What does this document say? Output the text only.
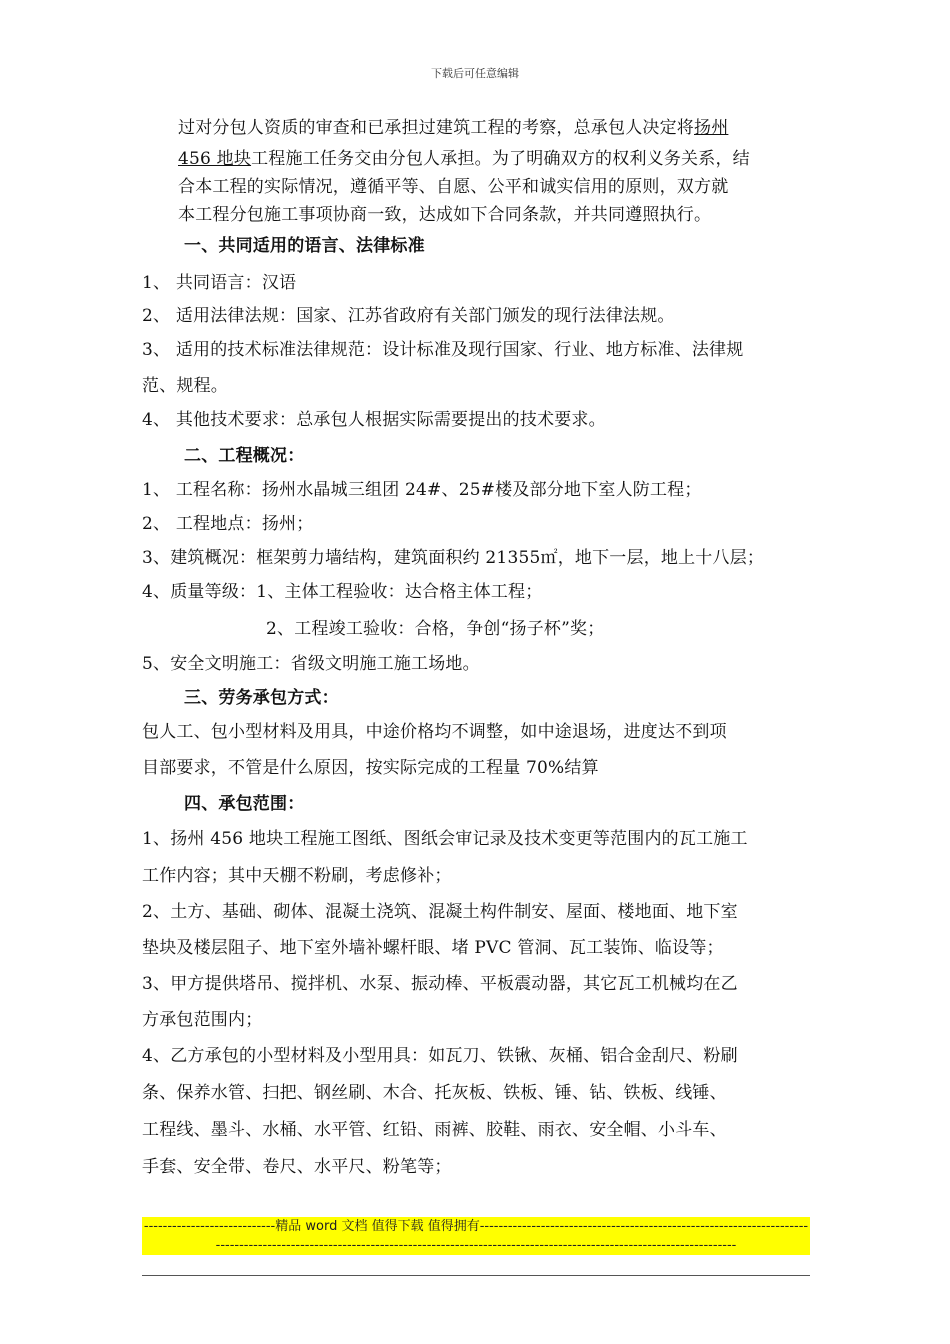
下载后可任意编辑
过对分包人资质的审查和已承担过建筑工程的考察，总承包人决定将扬州
456 地块工程施工任务交由分包人承担。为了明确双方的权利义务关系，结
合本工程的实际情况，遵循平等、自愿、公平和诚实信用的原则，双方就
本工程分包施工事项协商一致，达成如下合同条款，并共同遵照执行。
一、共同适用的语言、法律标准
1、 共同语言：汉语
2、 适用法律法规：国家、江苏省政府有关部门颁发的现行法律法规。
3、 适用的技术标准法律规范：设计标准及现行国家、行业、地方标准、法律规
范、规程。
4、 其他技术要求：总承包人根据实际需要提出的技术要求。
二、工程概况：
1、 工程名称：扬州水晶城三组团 24#、25#楼及部分地下室人防工程；
2、 工程地点：扬州；
3、建筑概况：框架剪力墙结构，建筑面积约 21355㎡，地下一层，地上十八层；
4、质量等级：1、主体工程验收：达合格主体工程；
2、工程竣工验收：合格，争创“扬子杯”奖；
5、安全文明施工：省级文明施工施工场地。
三、劳务承包方式：
包人工、包小型材料及用具，中途价格均不调整，如中途退场，进度达不到项
目部要求，不管是什么原因，按实际完成的工程量 70%结算
四、承包范围：
1、扬州 456 地块工程施工图纸、图纸会审记录及技术变更等范围内的瓦工施工
工作内容；其中天棚不粉刷，考虑修补；
2、土方、基础、砌体、混凝土浇筑、混凝土构件制安、屋面、楼地面、地下室
垫块及楼层阻子、地下室外墙补螺杆眼、堵 PVC 管洞、瓦工装饰、临设等；
3、甲方提供塔吊、搅拌机、水泵、振动棒、平板震动器，其它瓦工机械均在乙
方承包范围内；
4、乙方承包的小型材料及小型用具：如瓦刀、铁锹、灰桶、铝合金刮尺、粉刷
条、保养水管、扫把、钢丝刷、木合、托灰板、铁板、锤、钻、铁板、线锤、
工程线、墨斗、水桶、水平管、红铅、雨裤、胶鞋、雨衣、安全帽、小斗车、
手套、安全带、卷尺、水平尺、粉笔等；
----------------------------精品 word 文档 值得下载 值得拥有-------------------------------------------------------------------------------------------------------------------------------------------------------------------------------------
